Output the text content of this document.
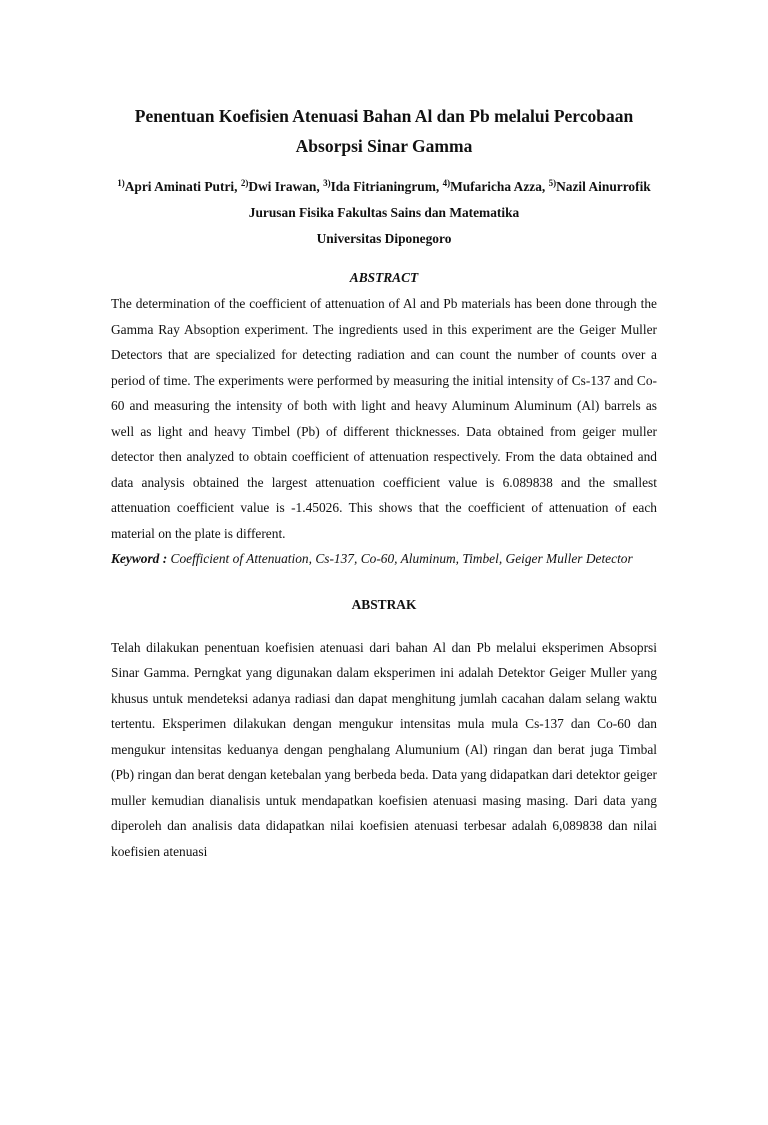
Penentuan Koefisien Atenuasi Bahan Al dan Pb melalui Percobaan
Absorpsi Sinar Gamma
$^{1)}$Apri Aminati Putri, $^{2)}$Dwi Irawan, $^{3)}$Ida Fitrianingrum, $^{4)}$Mufaricha Azza, $^{5)}$Nazil Ainurrofik
Jurusan Fisika Fakultas Sains dan Matematika
Universitas Diponegoro
ABSTRACT

The determination of the coefficient of attenuation of Al and Pb materials has been done through the Gamma Ray Absoption experiment. The ingredients used in this experiment are the Geiger Muller Detectors that are specialized for detecting radiation and can count the number of counts over a period of time. The experiments were performed by measuring the initial intensity of Cs-137 and Co-60 and measuring the intensity of both with light and heavy Aluminum Aluminum (Al) barrels as well as light and heavy Timbel (Pb) of different thicknesses. Data obtained from geiger muller detector then analyzed to obtain coefficient of attenuation respectively. From the data obtained and data analysis obtained the largest attenuation coefficient value is 6.089838 and the smallest attenuation coefficient value is -1.45026. This shows that the coefficient of attenuation of each material on the plate is different.

Keyword : Coefficient of Attenuation, Cs-137, Co-60, Aluminum, Timbel, Geiger Muller Detector

ABSTRAK

Telah dilakukan penentuan koefisien atenuasi dari bahan Al dan Pb melalui eksperimen Absoprsi Sinar Gamma. Perngkat yang digunakan dalam eksperimen ini adalah Detektor Geiger Muller yang khusus untuk mendeteksi adanya radiasi dan dapat menghitung jumlah cacahan dalam selang waktu tertentu. Eksperimen dilakukan dengan mengukur intensitas mula mula Cs-137 dan Co-60 dan mengukur intensitas keduanya dengan penghalang Alumunium (Al) ringan dan berat juga Timbal (Pb) ringan dan berat dengan ketebalan yang berbeda beda. Data yang didapatkan dari detektor geiger muller kemudian dianalisis untuk mendapatkan koefisien atenuasi masing masing. Dari data yang diperoleh dan analisis data didapatkan nilai koefisien atenuasi terbesar adalah 6,089838 dan nilai koefisien atenuasi
